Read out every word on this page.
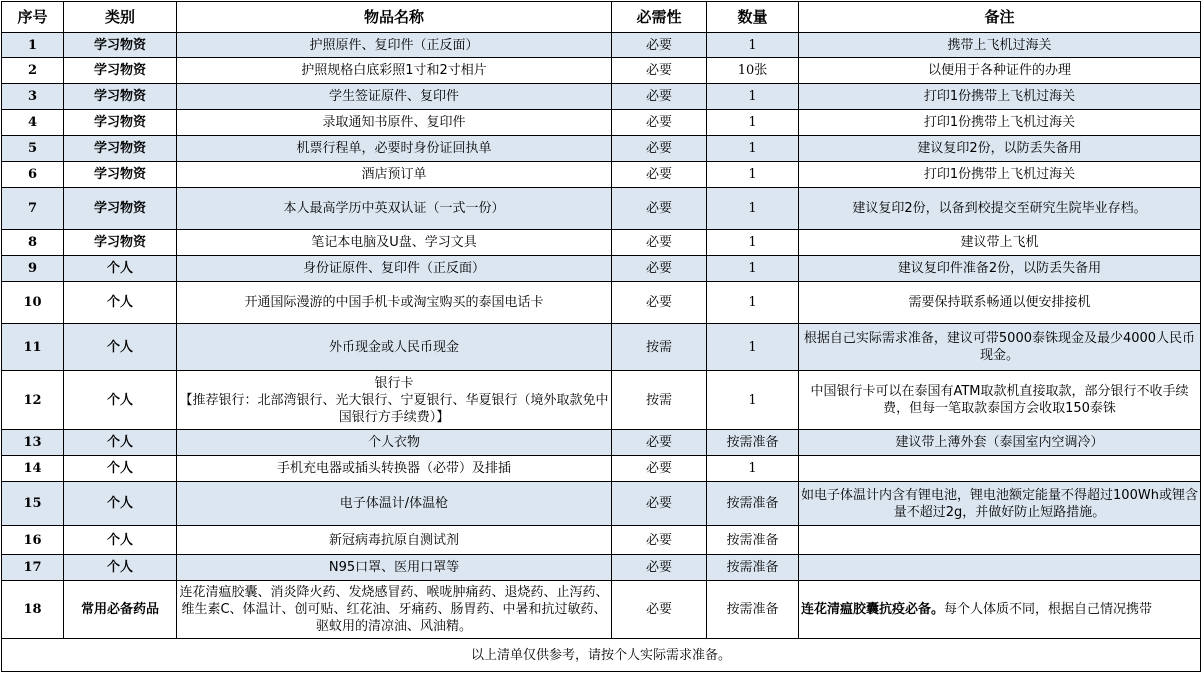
序号	类别	物品名称	必需性	数量	备注
1	学习物资	护照原件、复印件（正反面）	必要	1	携带上飞机过海关
2	学习物资	护照规格白底彩照1寸和2寸相片	必要	10张	以便用于各种证件的办理
3	学习物资	学生签证原件、复印件	必要	1	打印1份携带上飞机过海关
4	学习物资	录取通知书原件、复印件	必要	1	打印1份携带上飞机过海关
5	学习物资	机票行程单，必要时身份证回执单	必要	1	建议复印2份，以防丢失备用
6	学习物资	酒店预订单	必要	1	打印1份携带上飞机过海关
7	学习物资	本人最高学历中英双认证（一式一份）	必要	1	建议复印2份，以备到校提交至研究生院毕业存档。
8	学习物资	笔记本电脑及U盘、学习文具	必要	1	建议带上飞机
9	个人	身份证原件、复印件（正反面）	必要	1	建议复印件准备2份，以防丢失备用
10	个人	开通国际漫游的中国手机卡或淘宝购买的泰国电话卡	必要	1	需要保持联系畅通以便安排接机
11	个人	外币现金或人民币现金	按需	1	根据自己实际需求准备，建议可带5000泰铢现金及最少4000人民币现金。
12	个人	银行卡
【推荐银行：北部湾银行、光大银行、宁夏银行、华夏银行（境外取款免中国银行方手续费）】	按需	1	中国银行卡可以在泰国有ATM取款机直接取款，部分银行不收手续费，但每一笔取款泰国方会收取150泰铢
13	个人	个人衣物	必要	按需准备	建议带上薄外套（泰国室内空调冷）
14	个人	手机充电器或插头转换器（必带）及排插	必要	1	
15	个人	电子体温计/体温枪	必要	按需准备	如电子体温计内含有锂电池，锂电池额定能量不得超过100Wh或锂含量不超过2g，并做好防止短路措施。
16	个人	新冠病毒抗原自测试剂	必要	按需准备	
17	个人	N95口罩、医用口罩等	必要	按需准备	
18	常用必备药品	连花清瘟胶囊、消炎降火药、发烧感冒药、喉咙肿痛药、退烧药、止泻药、维生素C、体温计、创可贴、红花油、牙痛药、肠胃药、中暑和抗过敏药、驱蚊用的清凉油、风油精。	必要	按需准备	连花清瘟胶囊抗疫必备。每个人体质不同，根据自己情况携带
以上清单仅供参考，请按个人实际需求准备。					
